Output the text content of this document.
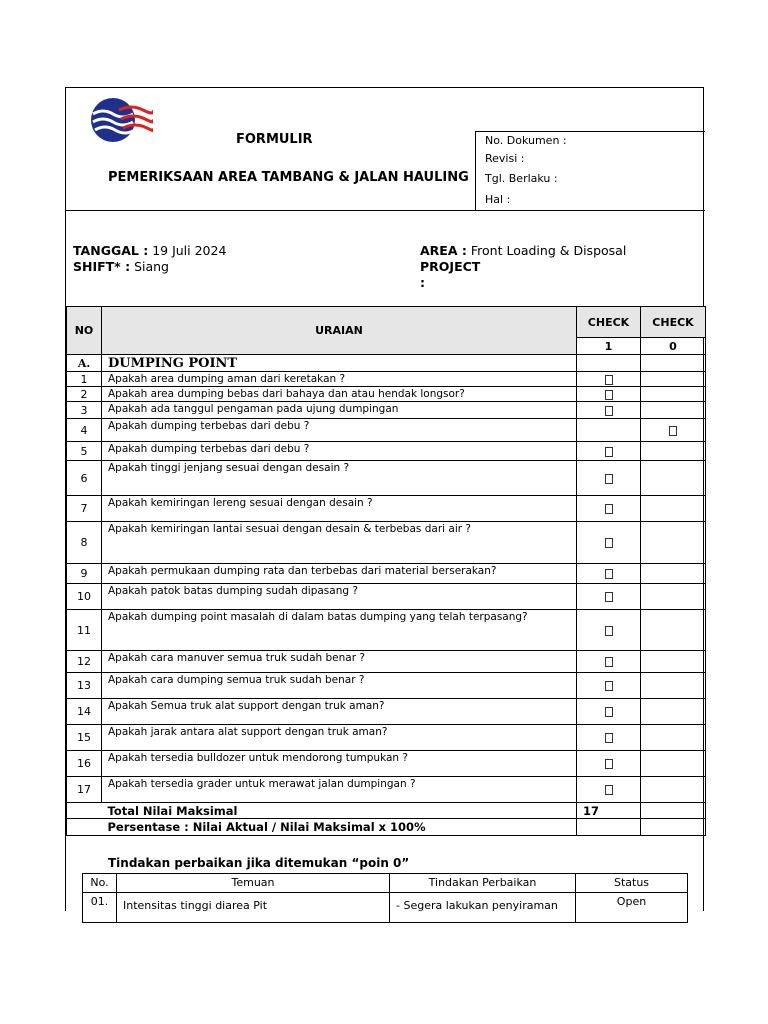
FORMULIR
PEMERIKSAAN AREA TAMBANG & JALAN HAULING
No. Dokumen :
Revisi :
Tgl. Berlaku :
Hal :
TANGGAL : 19 Juli 2024
SHIFT* : Siang
AREA : Front Loading & Disposal
PROJECT
:
NO	URAIAN	CHECK	CHECK
		1	0
A.	DUMPING POINT		
1	Apakah area dumping aman dari keretakan ?		
2	Apakah area dumping bebas dari bahaya dan atau hendak longsor?		
3	Apakah ada tanggul pengaman pada ujung dumpingan		
4	Apakah dumping terbebas dari debu ?		
5	Apakah dumping terbebas dari debu ?		
6	Apakah tinggi jenjang sesuai dengan desain ?		
7	Apakah kemiringan lereng sesuai dengan desain ?		
8	Apakah kemiringan lantai sesuai dengan desain & terbebas dari air ?		
9	Apakah permukaan dumping rata dan terbebas dari material berserakan?		
10	Apakah patok batas dumping sudah dipasang ?		
11	Apakah dumping point masalah di dalam batas dumping yang telah terpasang?		
12	Apakah cara manuver semua truk sudah benar ?		
13	Apakah cara dumping semua truk sudah benar ?		
14	Apakah Semua truk alat support dengan truk aman?		
15	Apakah jarak antara alat support dengan truk aman?		
16	Apakah tersedia bulldozer untuk mendorong tumpukan ?		
17	Apakah tersedia grader untuk merawat jalan dumpingan ?		
	Total Nilai Maksimal	17	
	Persentase : Nilai Aktual / Nilai Maksimal x 100%		
Tindakan perbaikan jika ditemukan “poin 0”
No.	Temuan	Tindakan Perbaikan	Status
01.	Intensitas tinggi diarea Pit	- Segera lakukan penyiraman	Open
